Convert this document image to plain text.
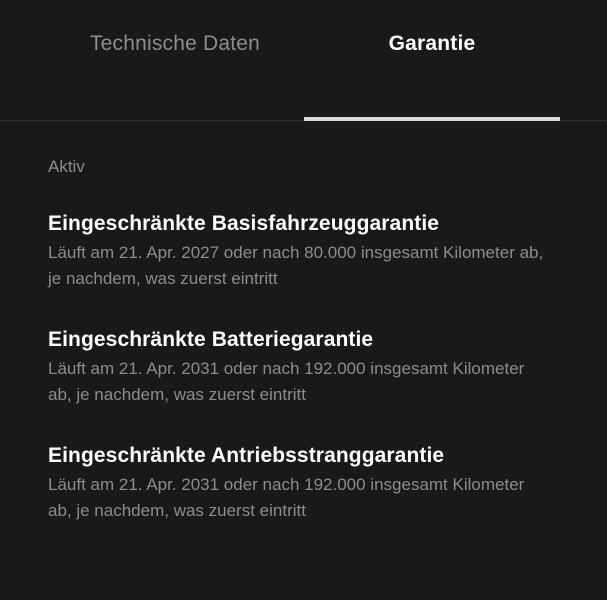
Technische Daten	Garantie

Aktiv

Eingeschränkte Basisfahrzeuggarantie

Läuft am 21. Apr. 2027 oder nach 80.000 insgesamt Kilometer ab, je nachdem, was zuerst eintritt

Eingeschränkte Batteriegarantie

Läuft am 21. Apr. 2031 oder nach 192.000 insgesamt Kilometer ab, je nachdem, was zuerst eintritt

Eingeschränkte Antriebsstranggarantie

Läuft am 21. Apr. 2031 oder nach 192.000 insgesamt Kilometer ab, je nachdem, was zuerst eintritt
